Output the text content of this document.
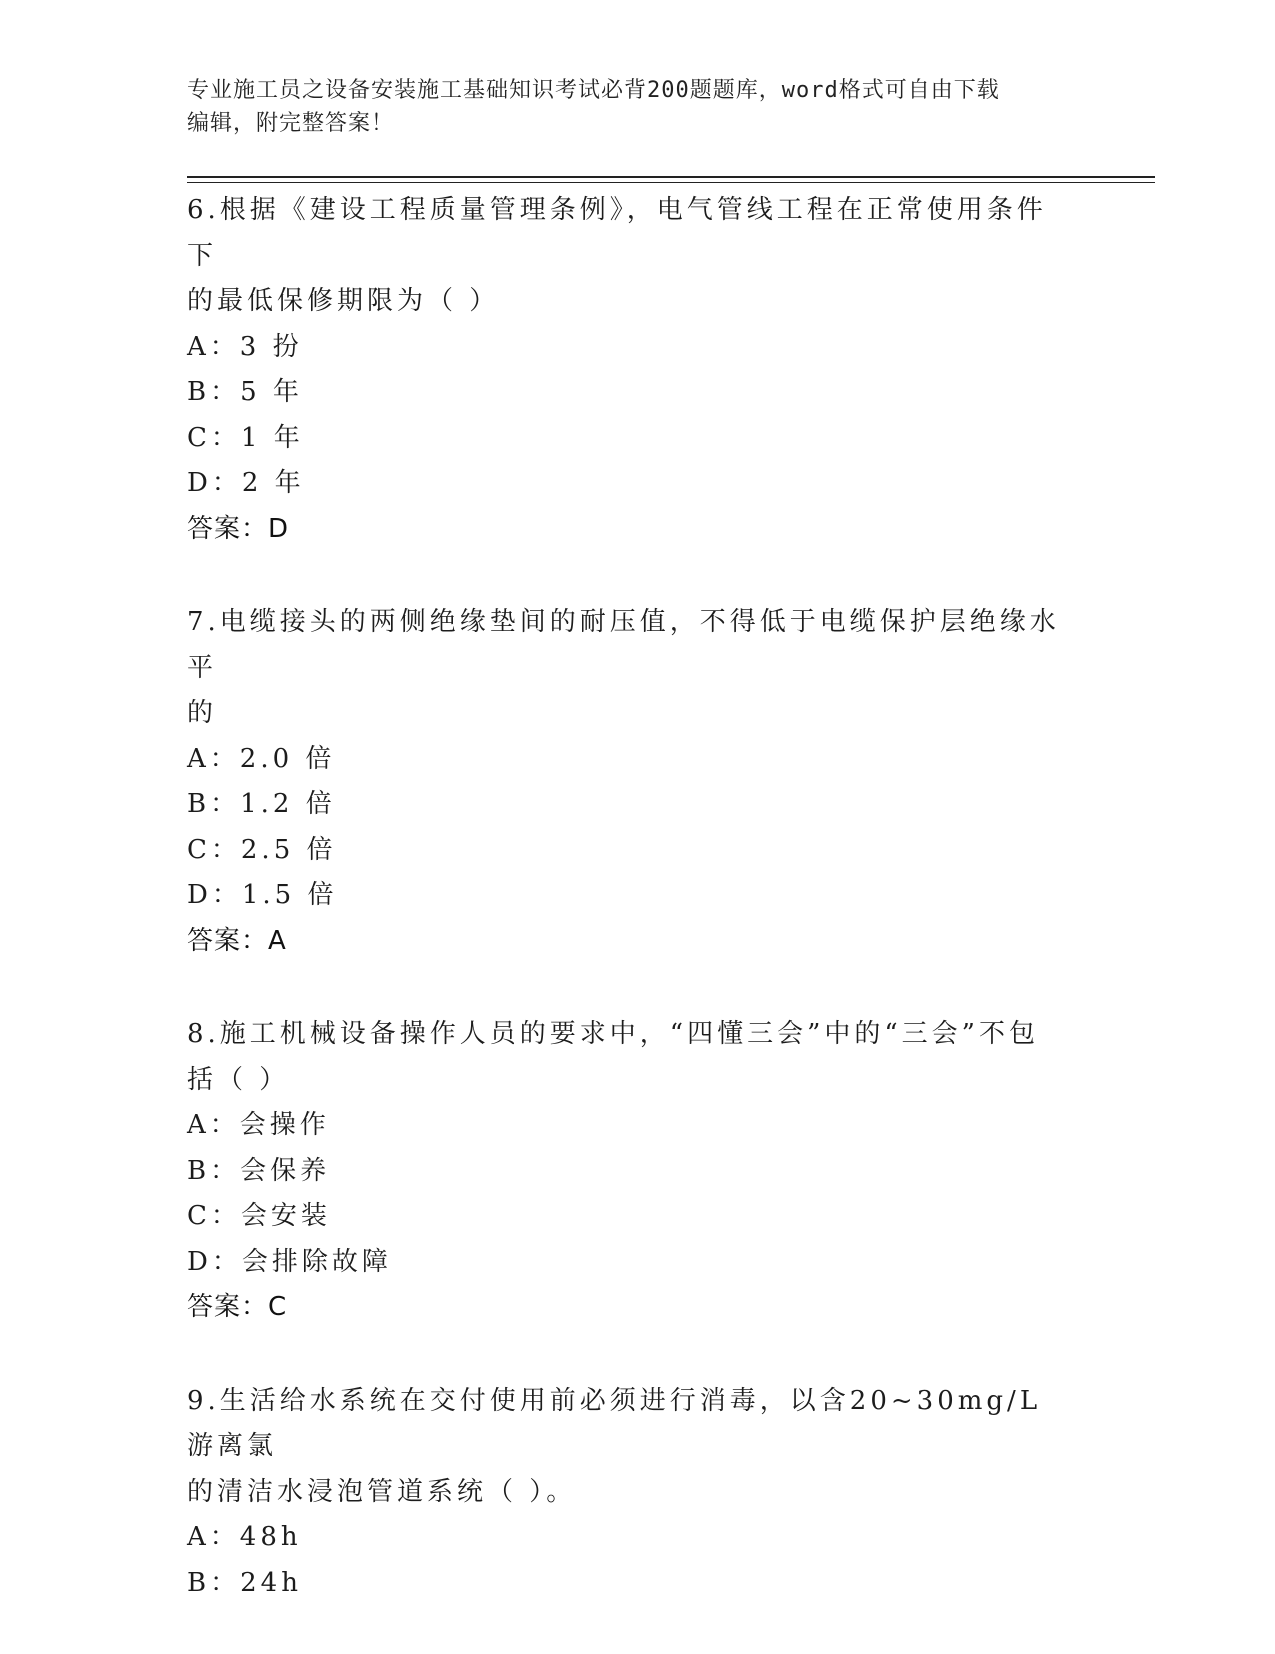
专业施工员之设备安装施工基础知识考试必背200题题库，word格式可自由下载
编辑，附完整答案！

6.根据《建设工程质量管理条例》，电气管线工程在正常使用条件下

的最低保修期限为（ ）

A：3 扮

B：5 年

C：1 年

D：2 年

答案：D

7.电缆接头的两侧绝缘垫间的耐压值，不得低于电缆保护层绝缘水平

的

A：2.0 倍

B：1.2 倍

C：2.5 倍

D：1.5 倍

答案：A

8.施工机械设备操作人员的要求中，“四懂三会”中的“三会”不包

括（ ）

A：会操作

B：会保养

C：会安装

D：会排除故障

答案：C

9.生活给水系统在交付使用前必须进行消毒，以含20~30mg/L游离氯

的清洁水浸泡管道系统（ ）。

A：48h

B：24h
